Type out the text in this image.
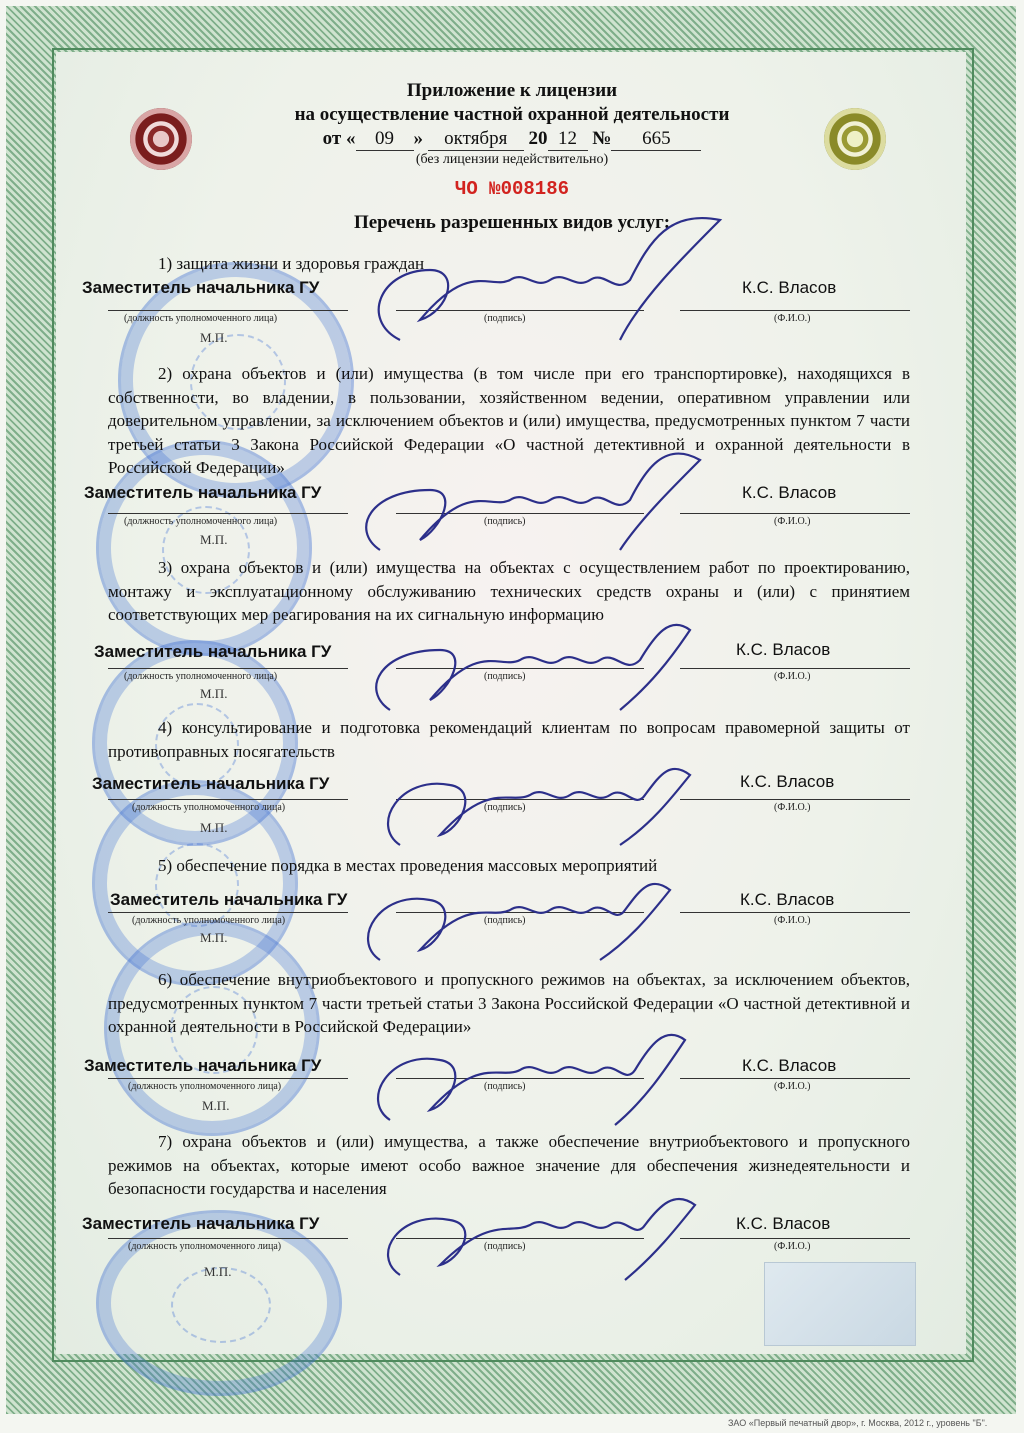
Приложение к лицензии
на осуществление частной охранной деятельности
от « 09 » октября 20 12 № 665
(без лицензии недействительно)
ЧО №008186
Перечень разрешенных видов услуг:
1) защита жизни и здоровья граждан
Заместитель начальника ГУ	К.С. Власов
(должность уполномоченного лица)	(подпись)	(Ф.И.О.)
М.П.
2) охрана объектов и (или) имущества (в том числе при его транспортировке), находящихся в собственности, во владении, в пользовании, хозяйственном ведении, оперативном управлении или доверительном управлении, за исключением объектов и (или) имущества, предусмотренных пунктом 7 части третьей статьи 3 Закона Российской Федерации «О частной детективной и охранной деятельности в Российской Федерации»
Заместитель начальника ГУ	К.С. Власов
(должность уполномоченного лица)	(подпись)	(Ф.И.О.)
М.П.
3) охрана объектов и (или) имущества на объектах с осуществлением работ по проектированию, монтажу и эксплуатационному обслуживанию технических средств охраны и (или) с принятием соответствующих мер реагирования на их сигнальную информацию
Заместитель начальника ГУ	К.С. Власов
(должность уполномоченного лица)	(подпись)	(Ф.И.О.)
М.П.
4) консультирование и подготовка рекомендаций клиентам по вопросам правомерной защиты от противоправных посягательств
Заместитель начальника ГУ	К.С. Власов
(должность уполномоченного лица)	(подпись)	(Ф.И.О.)
М.П.
5) обеспечение порядка в местах проведения массовых мероприятий
Заместитель начальника ГУ	К.С. Власов
(должность уполномоченного лица)	(подпись)	(Ф.И.О.)
М.П.
6) обеспечение внутриобъектового и пропускного режимов на объектах, за исключением объектов, предусмотренных пунктом 7 части третьей статьи 3 Закона Российской Федерации «О частной детективной и охранной деятельности в Российской Федерации»
Заместитель начальника ГУ	К.С. Власов
(должность уполномоченного лица)	(подпись)	(Ф.И.О.)
М.П.
7) охрана объектов и (или) имущества, а также обеспечение внутриобъектового и пропускного режимов на объектах, которые имеют особо важное значение для обеспечения жизнедеятельности и безопасности государства и населения
Заместитель начальника ГУ	К.С. Власов
(должность уполномоченного лица)	(подпись)	(Ф.И.О.)
М.П.
ЗАО «Первый печатный двор», г. Москва, 2012 г., уровень "Б".
